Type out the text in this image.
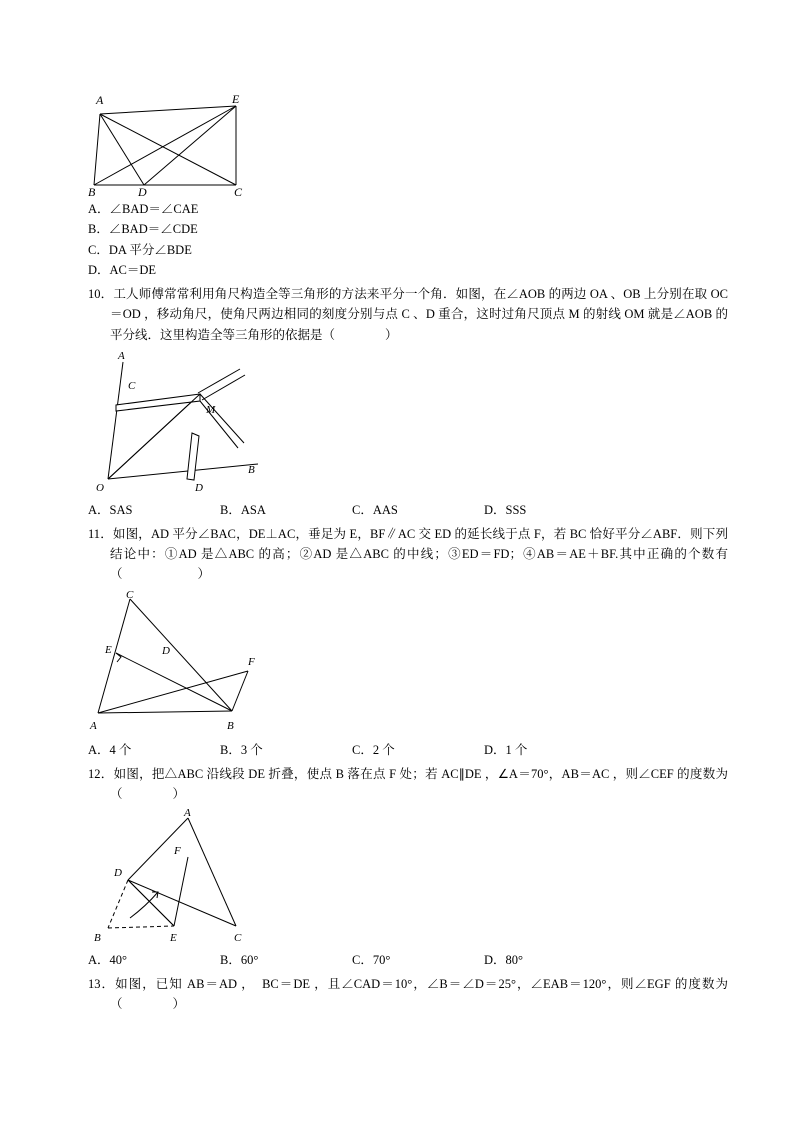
A	E
B	D	C
A．∠BAD＝∠CAE
B．∠BAD＝∠CDE
C．DA 平分∠BDE
D．AC＝DE
10．工人师傅常常利用角尺构造全等三角形的方法来平分一个角．如图，在∠AOB 的两边 OA 、OB 上分别在取 OC ＝OD ，移动角尺，使角尺两边相同的刻度分别与点 C 、D 重合，这时过角尺顶点 M 的射线 OM 就是∠AOB 的平分线．这里构造全等三角形的依据是（　　　　）
A
C
M
O	D
B
A．SAS	B．ASA	C．AAS	D．SSS
11．如图，AD 平分∠BAC，DE⊥AC，垂足为 E，BF∥AC 交 ED 的延长线于点 F，若 BC 恰好平分∠ABF．则下列结论中：①AD 是△ABC 的高；②AD 是△ABC 的中线；③ED＝FD；④AB＝AE＋BF.其中正确的个数有（　　　　　　）
C
E	D
F
A	B
A．4 个	B．3 个	C．2 个	D．1 个
12．如图，把△ABC 沿线段 DE 折叠，使点 B 落在点 F 处；若 AC∥DE ，∠A＝70°，AB＝AC ，则∠CEF 的度数为（　　　　）
A
F
D
B	E	C
A．40°	B．60°	C．70°	D．80°
13．如图，已知 AB＝AD ，　BC＝DE ，且∠CAD＝10°，∠B＝∠D＝25°，∠EAB＝120°，则∠EGF 的度数为（　　　　）
